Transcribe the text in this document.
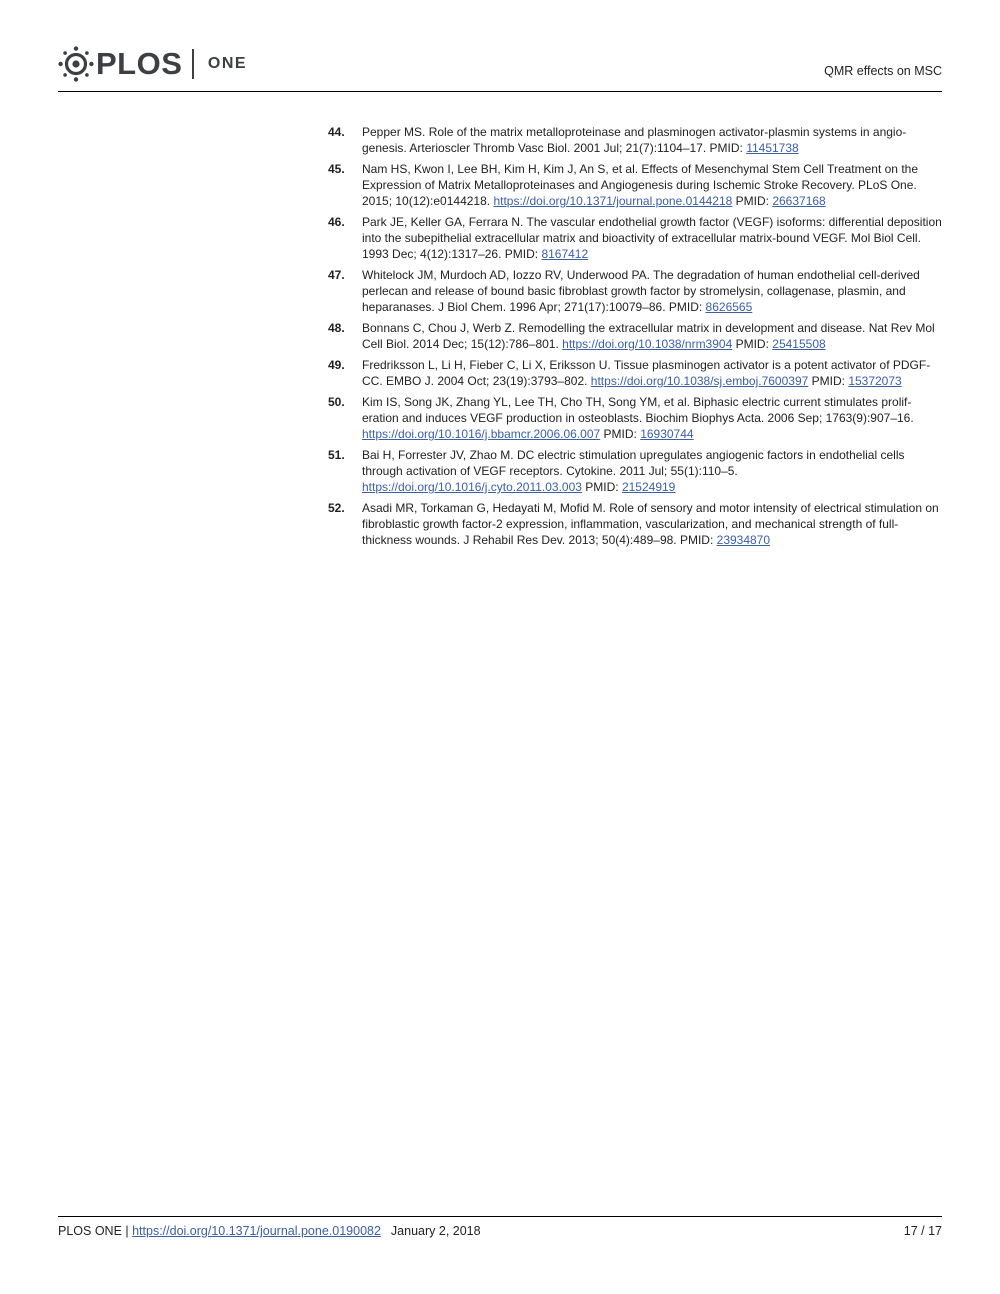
PLOS ONE	QMR effects on MSC
44. Pepper MS. Role of the matrix metalloproteinase and plasminogen activator-plasmin systems in angiogenesis. Arterioscler Thromb Vasc Biol. 2001 Jul; 21(7):1104–17. PMID: 11451738
45. Nam HS, Kwon I, Lee BH, Kim H, Kim J, An S, et al. Effects of Mesenchymal Stem Cell Treatment on the Expression of Matrix Metalloproteinases and Angiogenesis during Ischemic Stroke Recovery. PLoS One. 2015; 10(12):e0144218. https://doi.org/10.1371/journal.pone.0144218 PMID: 26637168
46. Park JE, Keller GA, Ferrara N. The vascular endothelial growth factor (VEGF) isoforms: differential deposition into the subepithelial extracellular matrix and bioactivity of extracellular matrix-bound VEGF. Mol Biol Cell. 1993 Dec; 4(12):1317–26. PMID: 8167412
47. Whitelock JM, Murdoch AD, Iozzo RV, Underwood PA. The degradation of human endothelial cell-derived perlecan and release of bound basic fibroblast growth factor by stromelysin, collagenase, plasmin, and heparanases. J Biol Chem. 1996 Apr; 271(17):10079–86. PMID: 8626565
48. Bonnans C, Chou J, Werb Z. Remodelling the extracellular matrix in development and disease. Nat Rev Mol Cell Biol. 2014 Dec; 15(12):786–801. https://doi.org/10.1038/nrm3904 PMID: 25415508
49. Fredriksson L, Li H, Fieber C, Li X, Eriksson U. Tissue plasminogen activator is a potent activator of PDGF-CC. EMBO J. 2004 Oct; 23(19):3793–802. https://doi.org/10.1038/sj.emboj.7600397 PMID: 15372073
50. Kim IS, Song JK, Zhang YL, Lee TH, Cho TH, Song YM, et al. Biphasic electric current stimulates proliferation and induces VEGF production in osteoblasts. Biochim Biophys Acta. 2006 Sep; 1763(9):907–16. https://doi.org/10.1016/j.bbamcr.2006.06.007 PMID: 16930744
51. Bai H, Forrester JV, Zhao M. DC electric stimulation upregulates angiogenic factors in endothelial cells through activation of VEGF receptors. Cytokine. 2011 Jul; 55(1):110–5. https://doi.org/10.1016/j.cyto.2011.03.003 PMID: 21524919
52. Asadi MR, Torkaman G, Hedayati M, Mofid M. Role of sensory and motor intensity of electrical stimulation on fibroblastic growth factor-2 expression, inflammation, vascularization, and mechanical strength of full-thickness wounds. J Rehabil Res Dev. 2013; 50(4):489–98. PMID: 23934870
PLOS ONE | https://doi.org/10.1371/journal.pone.0190082 January 2, 2018	17 / 17
